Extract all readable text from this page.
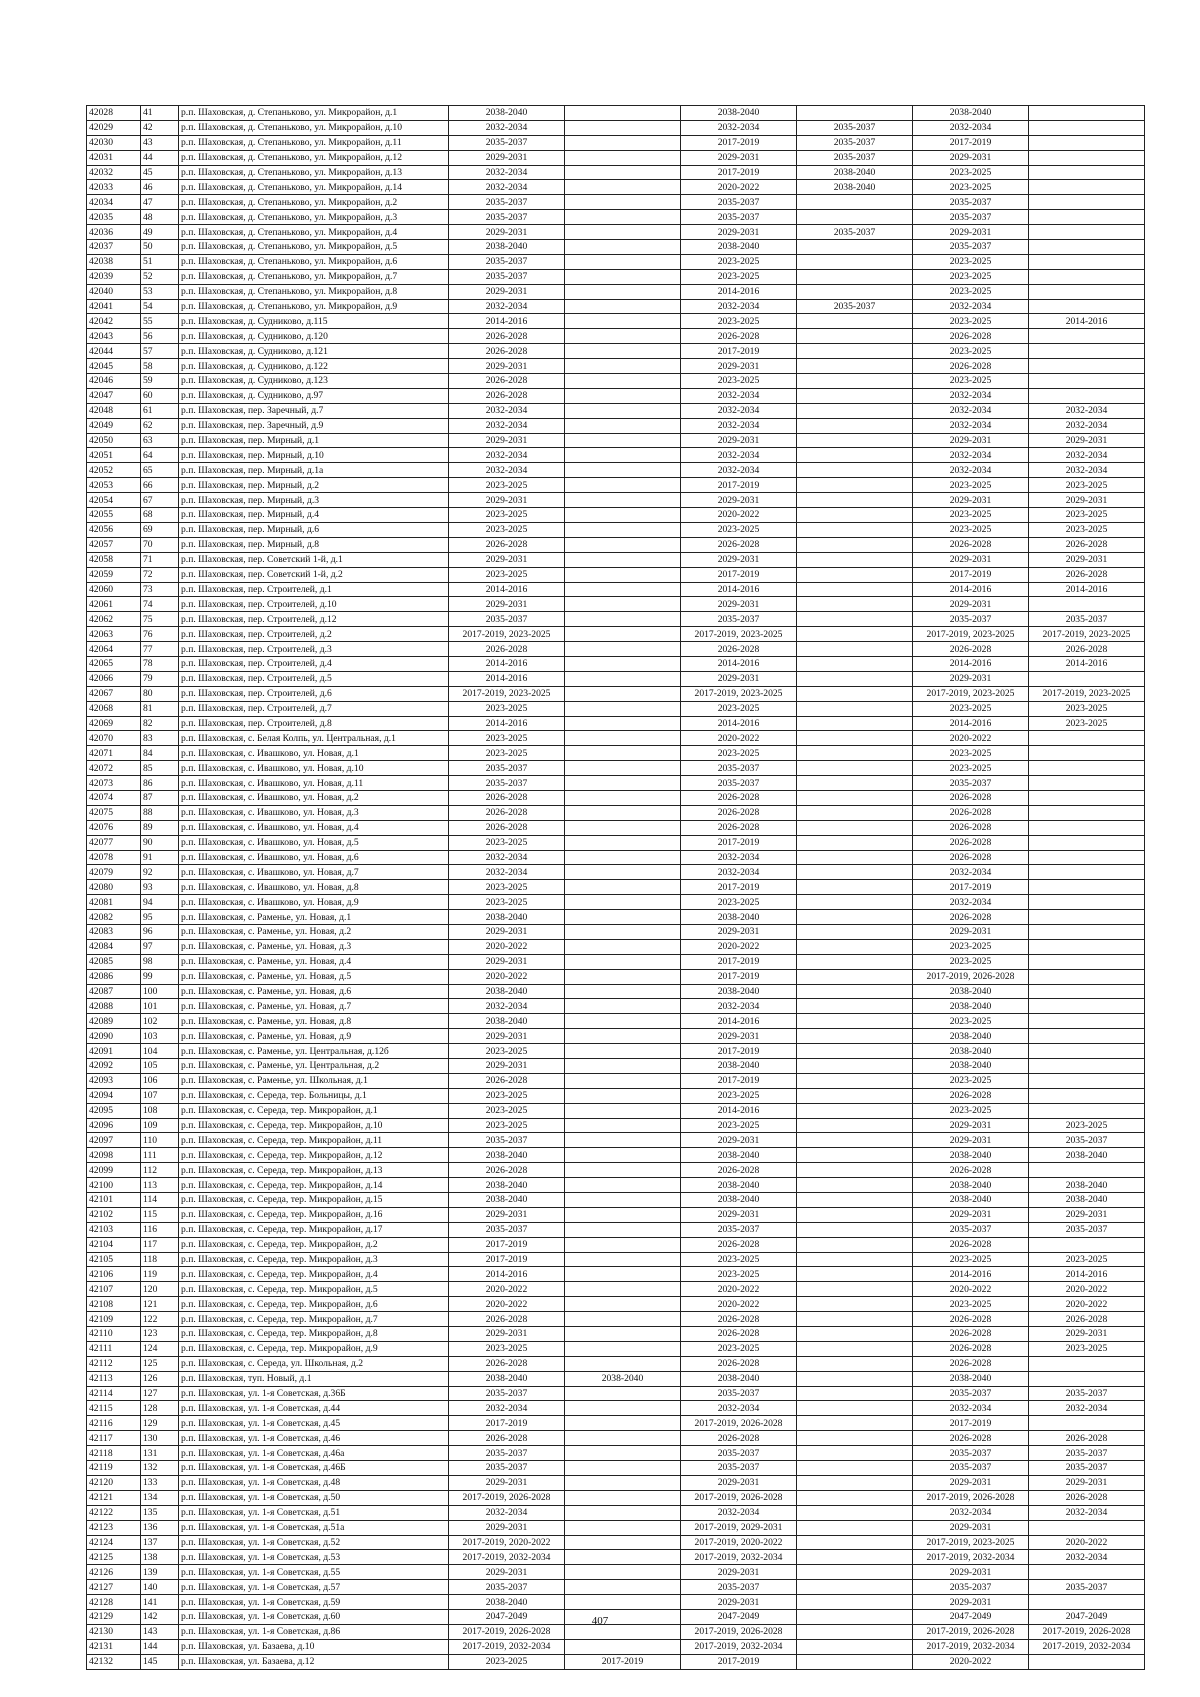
42028	41	р.п. Шаховская, д. Степаньково, ул. Микрорайон, д.1	2038-2040		2038-2040		2038-2040	
42029	42	р.п. Шаховская, д. Степаньково, ул. Микрорайон, д.10	2032-2034		2032-2034	2035-2037	2032-2034	
42030	43	р.п. Шаховская, д. Степаньково, ул. Микрорайон, д.11	2035-2037		2017-2019	2035-2037	2017-2019	
42031	44	р.п. Шаховская, д. Степаньково, ул. Микрорайон, д.12	2029-2031		2029-2031	2035-2037	2029-2031	
42032	45	р.п. Шаховская, д. Степаньково, ул. Микрорайон, д.13	2032-2034		2017-2019	2038-2040	2023-2025	
42033	46	р.п. Шаховская, д. Степаньково, ул. Микрорайон, д.14	2032-2034		2020-2022	2038-2040	2023-2025	
42034	47	р.п. Шаховская, д. Степаньково, ул. Микрорайон, д.2	2035-2037		2035-2037		2035-2037	
42035	48	р.п. Шаховская, д. Степаньково, ул. Микрорайон, д.3	2035-2037		2035-2037		2035-2037	
42036	49	р.п. Шаховская, д. Степаньково, ул. Микрорайон, д.4	2029-2031		2029-2031	2035-2037	2029-2031	
42037	50	р.п. Шаховская, д. Степаньково, ул. Микрорайон, д.5	2038-2040		2038-2040		2035-2037	
42038	51	р.п. Шаховская, д. Степаньково, ул. Микрорайон, д.6	2035-2037		2023-2025		2023-2025	
42039	52	р.п. Шаховская, д. Степаньково, ул. Микрорайон, д.7	2035-2037		2023-2025		2023-2025	
42040	53	р.п. Шаховская, д. Степаньково, ул. Микрорайон, д.8	2029-2031		2014-2016		2023-2025	
42041	54	р.п. Шаховская, д. Степаньково, ул. Микрорайон, д.9	2032-2034		2032-2034	2035-2037	2032-2034	
42042	55	р.п. Шаховская, д. Судниково, д.115	2014-2016		2023-2025		2023-2025	2014-2016
42043	56	р.п. Шаховская, д. Судниково, д.120	2026-2028		2026-2028		2026-2028	
42044	57	р.п. Шаховская, д. Судниково, д.121	2026-2028		2017-2019		2023-2025	
42045	58	р.п. Шаховская, д. Судниково, д.122	2029-2031		2029-2031		2026-2028	
42046	59	р.п. Шаховская, д. Судниково, д.123	2026-2028		2023-2025		2023-2025	
42047	60	р.п. Шаховская, д. Судниково, д.97	2026-2028		2032-2034		2032-2034	
42048	61	р.п. Шаховская, пер. Заречный, д.7	2032-2034		2032-2034		2032-2034	2032-2034
42049	62	р.п. Шаховская, пер. Заречный, д.9	2032-2034		2032-2034		2032-2034	2032-2034
42050	63	р.п. Шаховская, пер. Мирный, д.1	2029-2031		2029-2031		2029-2031	2029-2031
42051	64	р.п. Шаховская, пер. Мирный, д.10	2032-2034		2032-2034		2032-2034	2032-2034
42052	65	р.п. Шаховская, пер. Мирный, д.1а	2032-2034		2032-2034		2032-2034	2032-2034
42053	66	р.п. Шаховская, пер. Мирный, д.2	2023-2025		2017-2019		2023-2025	2023-2025
42054	67	р.п. Шаховская, пер. Мирный, д.3	2029-2031		2029-2031		2029-2031	2029-2031
42055	68	р.п. Шаховская, пер. Мирный, д.4	2023-2025		2020-2022		2023-2025	2023-2025
42056	69	р.п. Шаховская, пер. Мирный, д.6	2023-2025		2023-2025		2023-2025	2023-2025
42057	70	р.п. Шаховская, пер. Мирный, д.8	2026-2028		2026-2028		2026-2028	2026-2028
42058	71	р.п. Шаховская, пер. Советский 1-й, д.1	2029-2031		2029-2031		2029-2031	2029-2031
42059	72	р.п. Шаховская, пер. Советский 1-й, д.2	2023-2025		2017-2019		2017-2019	2026-2028
42060	73	р.п. Шаховская, пер. Строителей, д.1	2014-2016		2014-2016		2014-2016	2014-2016
42061	74	р.п. Шаховская, пер. Строителей, д.10	2029-2031		2029-2031		2029-2031	
42062	75	р.п. Шаховская, пер. Строителей, д.12	2035-2037		2035-2037		2035-2037	2035-2037
42063	76	р.п. Шаховская, пер. Строителей, д.2	2017-2019, 2023-2025		2017-2019, 2023-2025		2017-2019, 2023-2025	2017-2019, 2023-2025
42064	77	р.п. Шаховская, пер. Строителей, д.3	2026-2028		2026-2028		2026-2028	2026-2028
42065	78	р.п. Шаховская, пер. Строителей, д.4	2014-2016		2014-2016		2014-2016	2014-2016
42066	79	р.п. Шаховская, пер. Строителей, д.5	2014-2016		2029-2031		2029-2031	
42067	80	р.п. Шаховская, пер. Строителей, д.6	2017-2019, 2023-2025		2017-2019, 2023-2025		2017-2019, 2023-2025	2017-2019, 2023-2025
42068	81	р.п. Шаховская, пер. Строителей, д.7	2023-2025		2023-2025		2023-2025	2023-2025
42069	82	р.п. Шаховская, пер. Строителей, д.8	2014-2016		2014-2016		2014-2016	2023-2025
42070	83	р.п. Шаховская, с. Белая Колпь, ул. Центральная, д.1	2023-2025		2020-2022		2020-2022	
42071	84	р.п. Шаховская, с. Ивашково, ул. Новая, д.1	2023-2025		2023-2025		2023-2025	
42072	85	р.п. Шаховская, с. Ивашково, ул. Новая, д.10	2035-2037		2035-2037		2023-2025	
42073	86	р.п. Шаховская, с. Ивашково, ул. Новая, д.11	2035-2037		2035-2037		2035-2037	
42074	87	р.п. Шаховская, с. Ивашково, ул. Новая, д.2	2026-2028		2026-2028		2026-2028	
42075	88	р.п. Шаховская, с. Ивашково, ул. Новая, д.3	2026-2028		2026-2028		2026-2028	
42076	89	р.п. Шаховская, с. Ивашково, ул. Новая, д.4	2026-2028		2026-2028		2026-2028	
42077	90	р.п. Шаховская, с. Ивашково, ул. Новая, д.5	2023-2025		2017-2019		2026-2028	
42078	91	р.п. Шаховская, с. Ивашково, ул. Новая, д.6	2032-2034		2032-2034		2026-2028	
42079	92	р.п. Шаховская, с. Ивашково, ул. Новая, д.7	2032-2034		2032-2034		2032-2034	
42080	93	р.п. Шаховская, с. Ивашково, ул. Новая, д.8	2023-2025		2017-2019		2017-2019	
42081	94	р.п. Шаховская, с. Ивашково, ул. Новая, д.9	2023-2025		2023-2025		2032-2034	
42082	95	р.п. Шаховская, с. Раменье, ул. Новая, д.1	2038-2040		2038-2040		2026-2028	
42083	96	р.п. Шаховская, с. Раменье, ул. Новая, д.2	2029-2031		2029-2031		2029-2031	
42084	97	р.п. Шаховская, с. Раменье, ул. Новая, д.3	2020-2022		2020-2022		2023-2025	
42085	98	р.п. Шаховская, с. Раменье, ул. Новая, д.4	2029-2031		2017-2019		2023-2025	
42086	99	р.п. Шаховская, с. Раменье, ул. Новая, д.5	2020-2022		2017-2019		2017-2019, 2026-2028	
42087	100	р.п. Шаховская, с. Раменье, ул. Новая, д.6	2038-2040		2038-2040		2038-2040	
42088	101	р.п. Шаховская, с. Раменье, ул. Новая, д.7	2032-2034		2032-2034		2038-2040	
42089	102	р.п. Шаховская, с. Раменье, ул. Новая, д.8	2038-2040		2014-2016		2023-2025	
42090	103	р.п. Шаховская, с. Раменье, ул. Новая, д.9	2029-2031		2029-2031		2038-2040	
42091	104	р.п. Шаховская, с. Раменье, ул. Центральная, д.12б	2023-2025		2017-2019		2038-2040	
42092	105	р.п. Шаховская, с. Раменье, ул. Центральная, д.2	2029-2031		2038-2040		2038-2040	
42093	106	р.п. Шаховская, с. Раменье, ул. Школьная, д.1	2026-2028		2017-2019		2023-2025	
42094	107	р.п. Шаховская, с. Середа, тер. Больницы, д.1	2023-2025		2023-2025		2026-2028	
42095	108	р.п. Шаховская, с. Середа, тер. Микрорайон, д.1	2023-2025		2014-2016		2023-2025	
42096	109	р.п. Шаховская, с. Середа, тер. Микрорайон, д.10	2023-2025		2023-2025		2029-2031	2023-2025
42097	110	р.п. Шаховская, с. Середа, тер. Микрорайон, д.11	2035-2037		2029-2031		2029-2031	2035-2037
42098	111	р.п. Шаховская, с. Середа, тер. Микрорайон, д.12	2038-2040		2038-2040		2038-2040	2038-2040
42099	112	р.п. Шаховская, с. Середа, тер. Микрорайон, д.13	2026-2028		2026-2028		2026-2028	
42100	113	р.п. Шаховская, с. Середа, тер. Микрорайон, д.14	2038-2040		2038-2040		2038-2040	2038-2040
42101	114	р.п. Шаховская, с. Середа, тер. Микрорайон, д.15	2038-2040		2038-2040		2038-2040	2038-2040
42102	115	р.п. Шаховская, с. Середа, тер. Микрорайон, д.16	2029-2031		2029-2031		2029-2031	2029-2031
42103	116	р.п. Шаховская, с. Середа, тер. Микрорайон, д.17	2035-2037		2035-2037		2035-2037	2035-2037
42104	117	р.п. Шаховская, с. Середа, тер. Микрорайон, д.2	2017-2019		2026-2028		2026-2028	
42105	118	р.п. Шаховская, с. Середа, тер. Микрорайон, д.3	2017-2019		2023-2025		2023-2025	2023-2025
42106	119	р.п. Шаховская, с. Середа, тер. Микрорайон, д.4	2014-2016		2023-2025		2014-2016	2014-2016
42107	120	р.п. Шаховская, с. Середа, тер. Микрорайон, д.5	2020-2022		2020-2022		2020-2022	2020-2022
42108	121	р.п. Шаховская, с. Середа, тер. Микрорайон, д.6	2020-2022		2020-2022		2023-2025	2020-2022
42109	122	р.п. Шаховская, с. Середа, тер. Микрорайон, д.7	2026-2028		2026-2028		2026-2028	2026-2028
42110	123	р.п. Шаховская, с. Середа, тер. Микрорайон, д.8	2029-2031		2026-2028		2026-2028	2029-2031
42111	124	р.п. Шаховская, с. Середа, тер. Микрорайон, д.9	2023-2025		2023-2025		2026-2028	2023-2025
42112	125	р.п. Шаховская, с. Середа, ул. Школьная, д.2	2026-2028		2026-2028		2026-2028	
42113	126	р.п. Шаховская, туп. Новый, д.1	2038-2040	2038-2040	2038-2040		2038-2040	
42114	127	р.п. Шаховская, ул. 1-я Советская, д.36Б	2035-2037		2035-2037		2035-2037	2035-2037
42115	128	р.п. Шаховская, ул. 1-я Советская, д.44	2032-2034		2032-2034		2032-2034	2032-2034
42116	129	р.п. Шаховская, ул. 1-я Советская, д.45	2017-2019		2017-2019, 2026-2028		2017-2019	
42117	130	р.п. Шаховская, ул. 1-я Советская, д.46	2026-2028		2026-2028		2026-2028	2026-2028
42118	131	р.п. Шаховская, ул. 1-я Советская, д.46а	2035-2037		2035-2037		2035-2037	2035-2037
42119	132	р.п. Шаховская, ул. 1-я Советская, д.46Б	2035-2037		2035-2037		2035-2037	2035-2037
42120	133	р.п. Шаховская, ул. 1-я Советская, д.48	2029-2031		2029-2031		2029-2031	2029-2031
42121	134	р.п. Шаховская, ул. 1-я Советская, д.50	2017-2019, 2026-2028		2017-2019, 2026-2028		2017-2019, 2026-2028	2026-2028
42122	135	р.п. Шаховская, ул. 1-я Советская, д.51	2032-2034		2032-2034		2032-2034	2032-2034
42123	136	р.п. Шаховская, ул. 1-я Советская, д.51а	2029-2031		2017-2019, 2029-2031		2029-2031	
42124	137	р.п. Шаховская, ул. 1-я Советская, д.52	2017-2019, 2020-2022		2017-2019, 2020-2022		2017-2019, 2023-2025	2020-2022
42125	138	р.п. Шаховская, ул. 1-я Советская, д.53	2017-2019, 2032-2034		2017-2019, 2032-2034		2017-2019, 2032-2034	2032-2034
42126	139	р.п. Шаховская, ул. 1-я Советская, д.55	2029-2031		2029-2031		2029-2031	
42127	140	р.п. Шаховская, ул. 1-я Советская, д.57	2035-2037		2035-2037		2035-2037	2035-2037
42128	141	р.п. Шаховская, ул. 1-я Советская, д.59	2038-2040		2029-2031		2029-2031	
42129	142	р.п. Шаховская, ул. 1-я Советская, д.60	2047-2049		2047-2049		2047-2049	2047-2049
42130	143	р.п. Шаховская, ул. 1-я Советская, д.86	2017-2019, 2026-2028		2017-2019, 2026-2028		2017-2019, 2026-2028	2017-2019, 2026-2028
42131	144	р.п. Шаховская, ул. Базаева, д.10	2017-2019, 2032-2034		2017-2019, 2032-2034		2017-2019, 2032-2034	2017-2019, 2032-2034
42132	145	р.п. Шаховская, ул. Базаева, д.12	2023-2025	2017-2019	2017-2019		2020-2022	
407
